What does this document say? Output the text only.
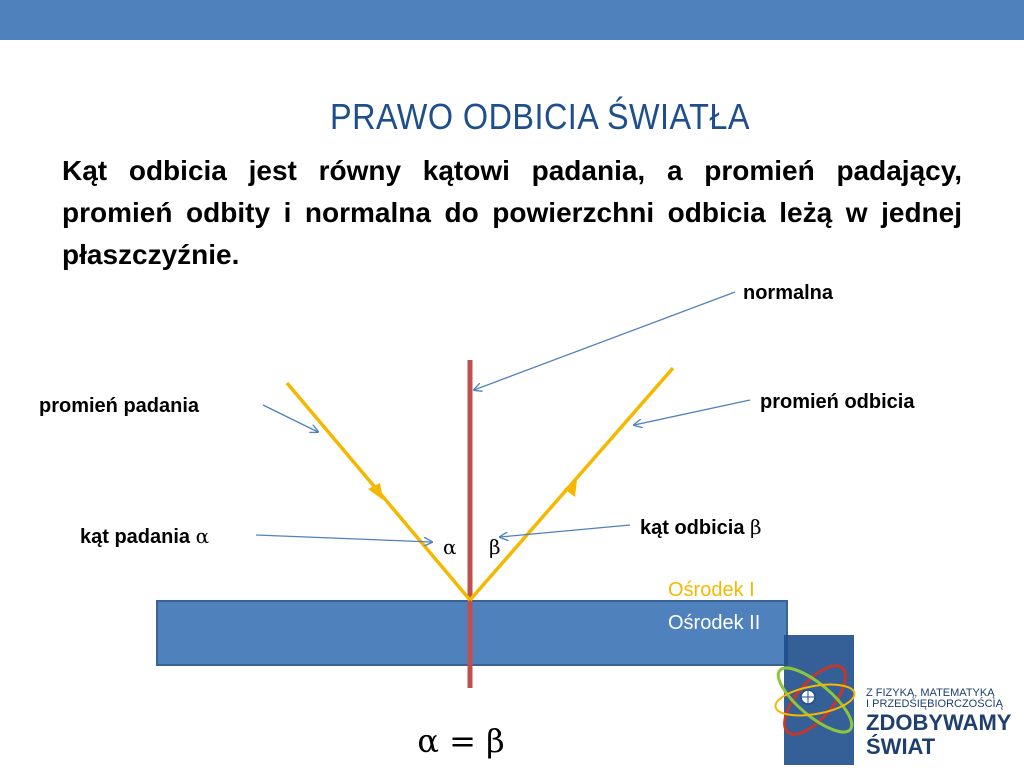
PRAWO ODBICIA ŚWIATŁA
Kąt odbicia jest równy kątowi padania, a promień padający, promień odbity i normalna do powierzchni odbicia leżą w jednej płaszczyźnie.
normalna
promień padania	promień odbicia
kąt padania α	kąt odbicia β
α β
Ośrodek I
Ośrodek II
α = β
Z FIZYKĄ, MATEMATYKĄ
I PRZEDSIĘBIORCZOŚCIĄ
ZDOBYWAMY
ŚWIAT
